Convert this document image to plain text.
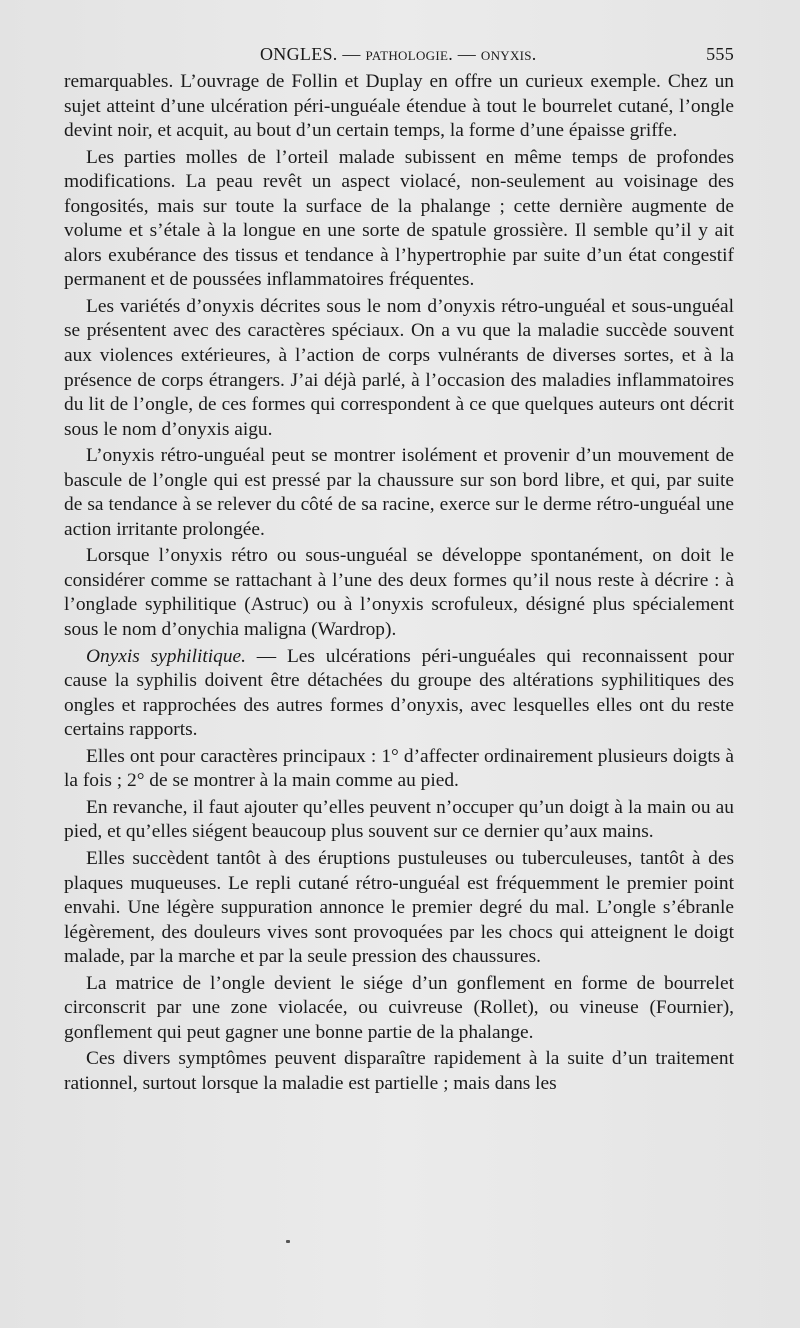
ONGLES. — pathologie. — onyxis.	555

remarquables. L’ouvrage de Follin et Duplay en offre un curieux exemple. Chez un sujet atteint d’une ulcération péri-unguéale étendue à tout le bourrelet cutané, l’ongle devint noir, et acquit, au bout d’un certain temps, la forme d’une épaisse griffe.

Les parties molles de l’orteil malade subissent en même temps de profondes modifications. La peau revêt un aspect violacé, non-seulement au voisinage des fongosités, mais sur toute la surface de la phalange ; cette dernière augmente de volume et s’étale à la longue en une sorte de spatule grossière. Il semble qu’il y ait alors exubérance des tissus et tendance à l’hypertrophie par suite d’un état congestif permanent et de poussées inflammatoires fréquentes.

Les variétés d’onyxis décrites sous le nom d’onyxis rétro-unguéal et sous-unguéal se présentent avec des caractères spéciaux. On a vu que la maladie succède souvent aux violences extérieures, à l’action de corps vulnérants de diverses sortes, et à la présence de corps étrangers. J’ai déjà parlé, à l’occasion des maladies inflammatoires du lit de l’ongle, de ces formes qui correspondent à ce que quelques auteurs ont décrit sous le nom d’onyxis aigu.

L’onyxis rétro-unguéal peut se montrer isolément et provenir d’un mouvement de bascule de l’ongle qui est pressé par la chaussure sur son bord libre, et qui, par suite de sa tendance à se relever du côté de sa racine, exerce sur le derme rétro-unguéal une action irritante prolongée.

Lorsque l’onyxis rétro ou sous-unguéal se développe spontanément, on doit le considérer comme se rattachant à l’une des deux formes qu’il nous reste à décrire : à l’onglade syphilitique (Astruc) ou à l’onyxis scrofuleux, désigné plus spécialement sous le nom d’onychia maligna (Wardrop).

Onyxis syphilitique. — Les ulcérations péri-unguéales qui reconnaissent pour cause la syphilis doivent être détachées du groupe des altérations syphilitiques des ongles et rapprochées des autres formes d’onyxis, avec lesquelles elles ont du reste certains rapports.

Elles ont pour caractères principaux : 1° d’affecter ordinairement plusieurs doigts à la fois ; 2° de se montrer à la main comme au pied.

En revanche, il faut ajouter qu’elles peuvent n’occuper qu’un doigt à la main ou au pied, et qu’elles siégent beaucoup plus souvent sur ce dernier qu’aux mains.

Elles succèdent tantôt à des éruptions pustuleuses ou tuberculeuses, tantôt à des plaques muqueuses. Le repli cutané rétro-unguéal est fréquemment le premier point envahi. Une légère suppuration annonce le premier degré du mal. L’ongle s’ébranle légèrement, des douleurs vives sont provoquées par les chocs qui atteignent le doigt malade, par la marche et par la seule pression des chaussures.

La matrice de l’ongle devient le siége d’un gonflement en forme de bourrelet circonscrit par une zone violacée, ou cuivreuse (Rollet), ou vineuse (Fournier), gonflement qui peut gagner une bonne partie de la phalange.

Ces divers symptômes peuvent disparaître rapidement à la suite d’un traitement rationnel, surtout lorsque la maladie est partielle ; mais dans les
